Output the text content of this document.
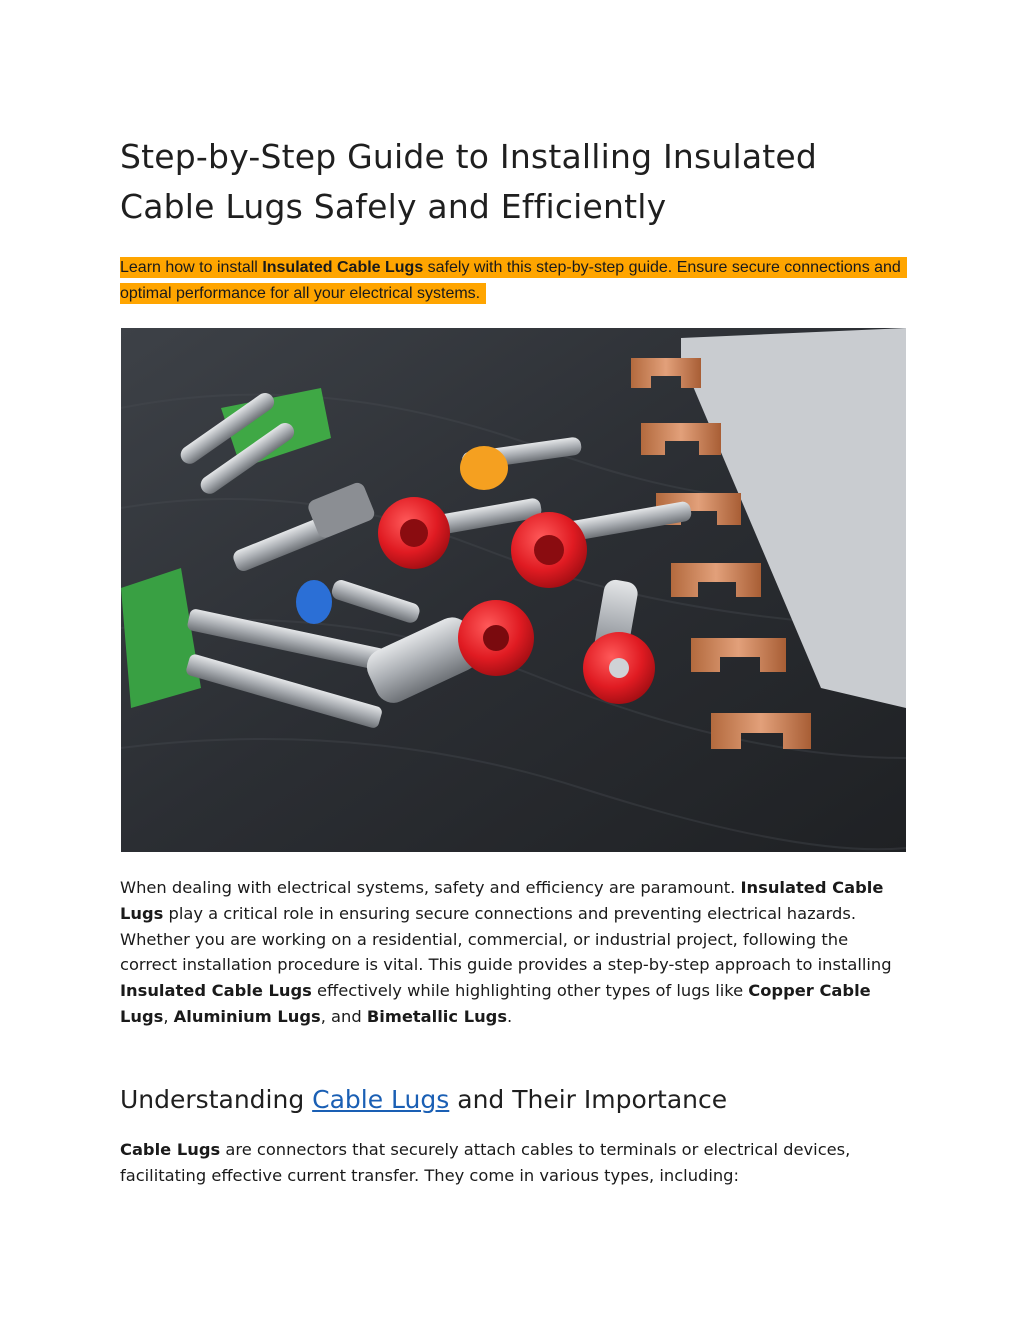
Step-by-Step Guide to Installing Insulated Cable Lugs Safely and Efficiently

Learn how to install Insulated Cable Lugs safely with this step-by-step guide. Ensure secure connections and optimal performance for all your electrical systems.

When dealing with electrical systems, safety and efficiency are paramount. Insulated Cable Lugs play a critical role in ensuring secure connections and preventing electrical hazards. Whether you are working on a residential, commercial, or industrial project, following the correct installation procedure is vital. This guide provides a step-by-step approach to installing Insulated Cable Lugs effectively while highlighting other types of lugs like Copper Cable Lugs, Aluminium Lugs, and Bimetallic Lugs.

Understanding Cable Lugs and Their Importance

Cable Lugs are connectors that securely attach cables to terminals or electrical devices, facilitating effective current transfer. They come in various types, including:
